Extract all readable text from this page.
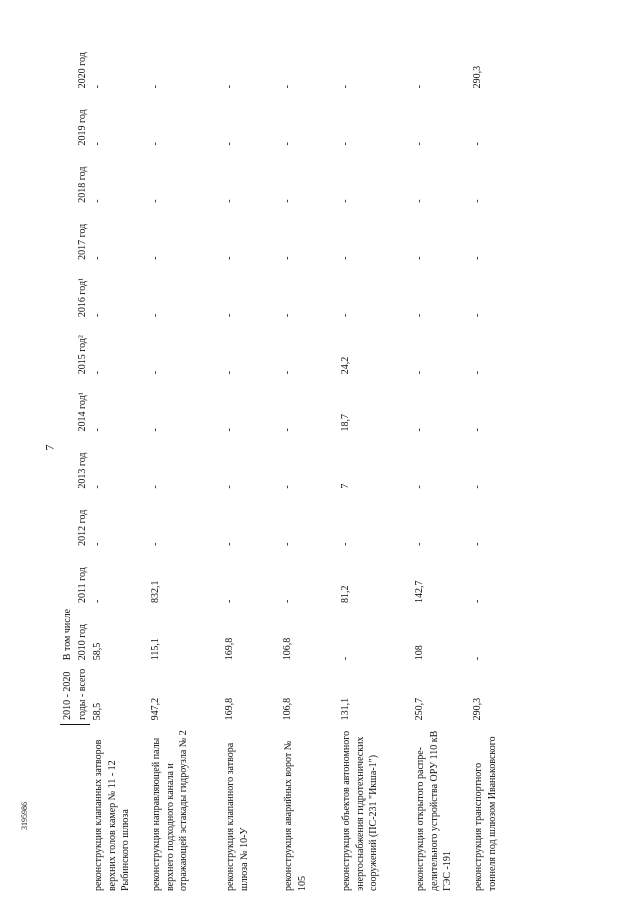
7
3195986
	2010 - 2020	В том числе										
	годы - всего	2010 год	2011 год	2012 год	2013 год	2014 год¹	2015 год²	2016 год¹	2017 год	2018 год	2019 год	2020 год
реконструкция клапанных затворов верхних голов камер № 11 - 12 Рыбинского шлюза	58,5	58,5	-	-	-	-	-	-	-	-	-	-
реконструкция направляющей палы верхнего подходного канала и отражающей эстакады гидроузла № 2	947,2	115,1	832,1	-	-	-	-	-	-	-	-	-
реконструкция клапанного затвора шлюза № 10-У	169,8	169,8	-	-	-	-	-	-	-	-	-	-
реконструкция аварийных ворот № 105	106,8	106,8	-	-	-	-	-	-	-	-	-	-
реконструкция объектов автономного энергоснабжения гидротехнических сооружений (ПС-231 "Икша-1")	131,1	-	81,2	-	7	18,7	24,2	-	-	-	-	-
реконструкция открытого распре-делительного устройства ОРУ 110 кВ ГЭС -191	250,7	108	142,7	-	-	-	-	-	-	-	-	-
реконструкция транспортного тоннеля под шлюзом Иваньковского	290,3	-	-	-	-	-	-	-	-	-	-	290,3
